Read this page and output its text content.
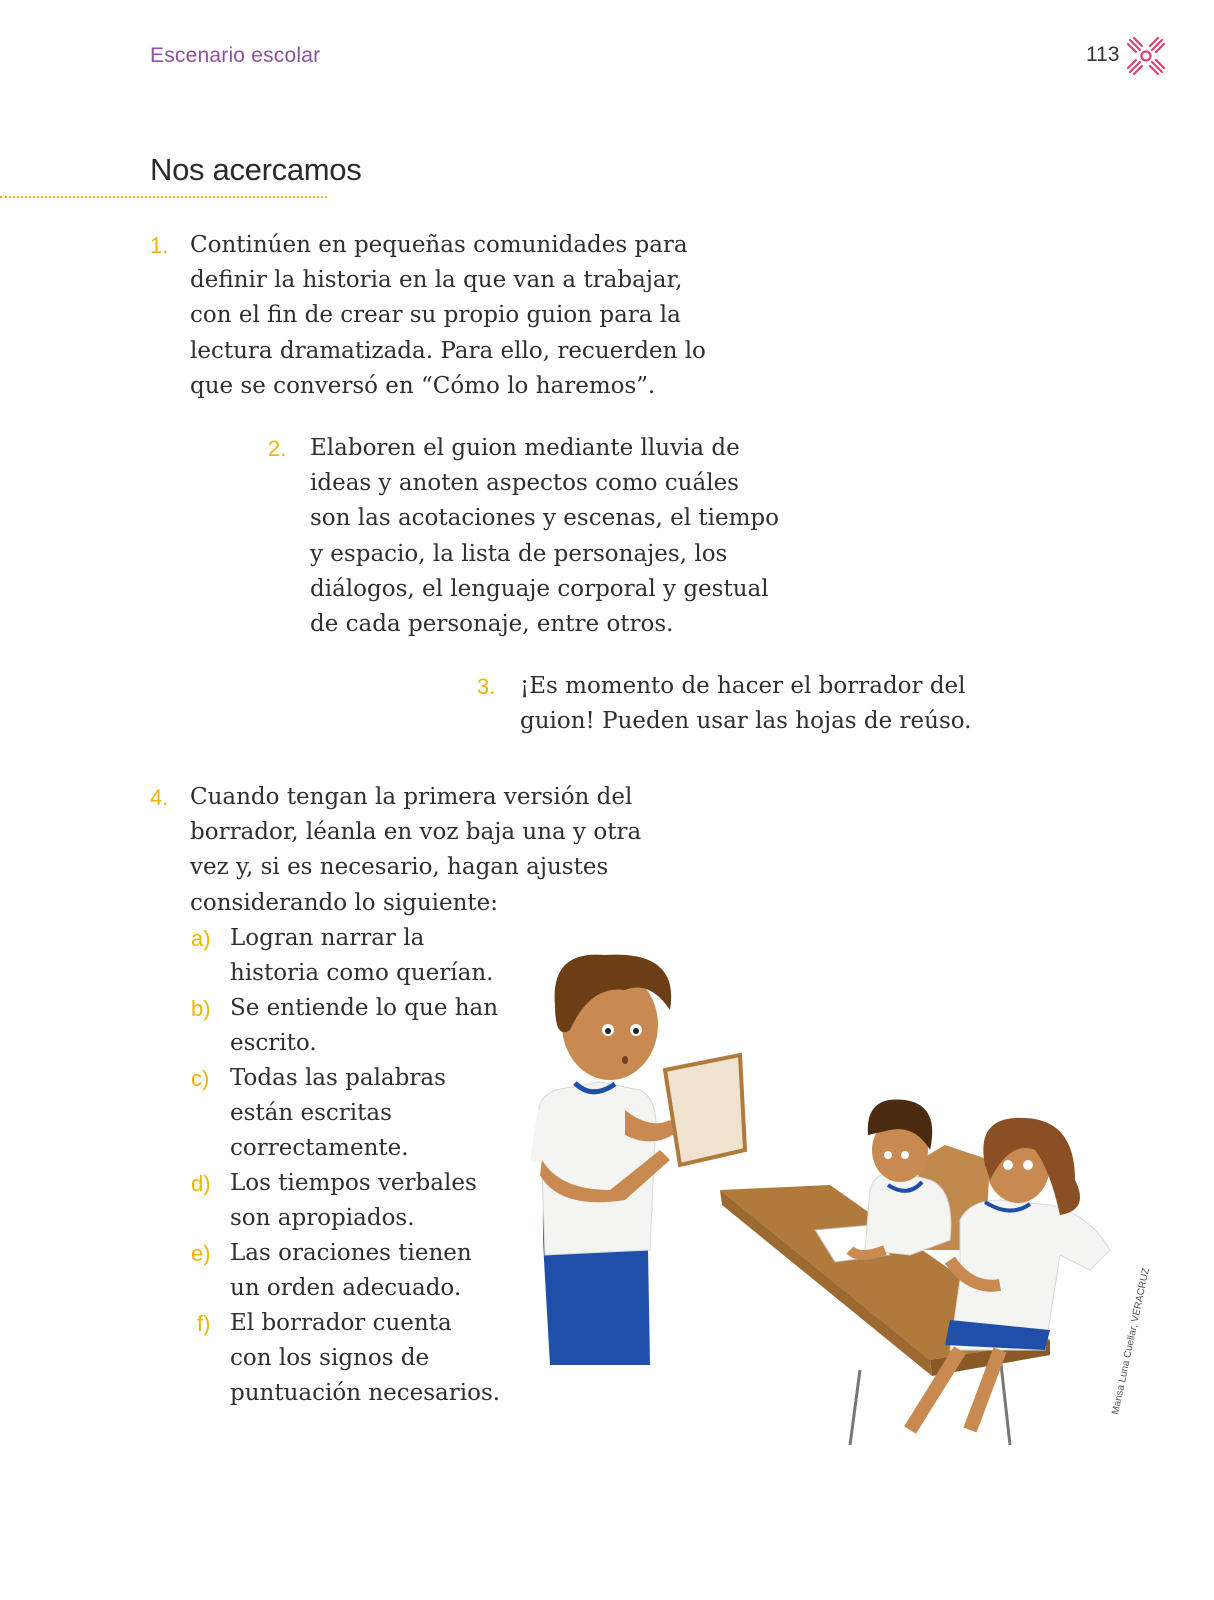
Escenario escolar	113
Nos acercamos
1. Continúen en pequeñas comunidades para
definir la historia en la que van a trabajar,
con el fin de crear su propio guion para la
lectura dramatizada. Para ello, recuerden lo
que se conversó en “Cómo lo haremos”.
2. Elaboren el guion mediante lluvia de
ideas y anoten aspectos como cuáles
son las acotaciones y escenas, el tiempo
y espacio, la lista de personajes, los
diálogos, el lenguaje corporal y gestual
de cada personaje, entre otros.
3. ¡Es momento de hacer el borrador del
guion! Pueden usar las hojas de reúso.
4. Cuando tengan la primera versión del
borrador, léanla en voz baja una y otra
vez y, si es necesario, hagan ajustes
considerando lo siguiente:
a) Logran narrar la
historia como querían.
b) Se entiende lo que han
escrito.
c) Todas las palabras
están escritas
correctamente.
d) Los tiempos verbales
son apropiados.
e) Las oraciones tienen
un orden adecuado.
f) El borrador cuenta
con los signos de
puntuación necesarios.	Marisa Luna Cuellar, VERACRUZ
